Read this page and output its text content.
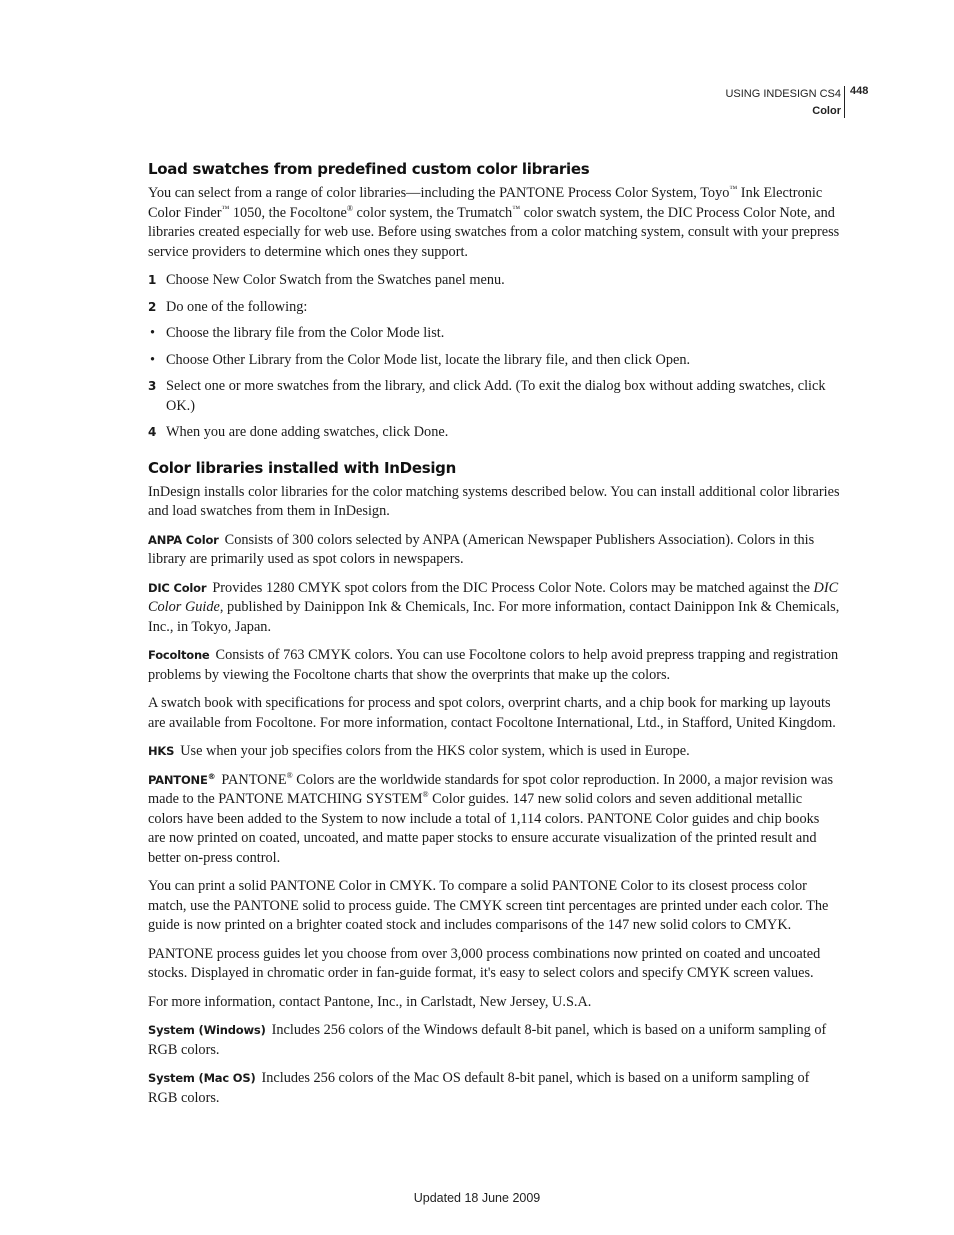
USING INDESIGN CS4
Color
448
Load swatches from predefined custom color libraries

You can select from a range of color libraries—including the PANTONE Process Color System, Toyo™ Ink Electronic Color Finder™ 1050, the Focoltone® color system, the Trumatch™ color swatch system, the DIC Process Color Note, and libraries created especially for web use. Before using swatches from a color matching system, consult with your prepress service providers to determine which ones they support.

1 Choose New Color Swatch from the Swatches panel menu.
2 Do one of the following:
• Choose the library file from the Color Mode list.
• Choose Other Library from the Color Mode list, locate the library file, and then click Open.
3 Select one or more swatches from the library, and click Add. (To exit the dialog box without adding swatches, click OK.)
4 When you are done adding swatches, click Done.
Color libraries installed with InDesign

InDesign installs color libraries for the color matching systems described below. You can install additional color libraries and load swatches from them in InDesign.

ANPA Color Consists of 300 colors selected by ANPA (American Newspaper Publishers Association). Colors in this library are primarily used as spot colors in newspapers.

DIC Color Provides 1280 CMYK spot colors from the DIC Process Color Note. Colors may be matched against the DIC Color Guide, published by Dainippon Ink & Chemicals, Inc. For more information, contact Dainippon Ink & Chemicals, Inc., in Tokyo, Japan.

Focoltone Consists of 763 CMYK colors. You can use Focoltone colors to help avoid prepress trapping and registration problems by viewing the Focoltone charts that show the overprints that make up the colors.

A swatch book with specifications for process and spot colors, overprint charts, and a chip book for marking up layouts are available from Focoltone. For more information, contact Focoltone International, Ltd., in Stafford, United Kingdom.

HKS Use when your job specifies colors from the HKS color system, which is used in Europe.

PANTONE® PANTONE® Colors are the worldwide standards for spot color reproduction. In 2000, a major revision was made to the PANTONE MATCHING SYSTEM® Color guides. 147 new solid colors and seven additional metallic colors have been added to the System to now include a total of 1,114 colors. PANTONE Color guides and chip books are now printed on coated, uncoated, and matte paper stocks to ensure accurate visualization of the printed result and better on-press control.

You can print a solid PANTONE Color in CMYK. To compare a solid PANTONE Color to its closest process color match, use the PANTONE solid to process guide. The CMYK screen tint percentages are printed under each color. The guide is now printed on a brighter coated stock and includes comparisons of the 147 new solid colors to CMYK.

PANTONE process guides let you choose from over 3,000 process combinations now printed on coated and uncoated stocks. Displayed in chromatic order in fan-guide format, it's easy to select colors and specify CMYK screen values.

For more information, contact Pantone, Inc., in Carlstadt, New Jersey, U.S.A.

System (Windows) Includes 256 colors of the Windows default 8-bit panel, which is based on a uniform sampling of RGB colors.

System (Mac OS) Includes 256 colors of the Mac OS default 8-bit panel, which is based on a uniform sampling of RGB colors.

Updated 18 June 2009
